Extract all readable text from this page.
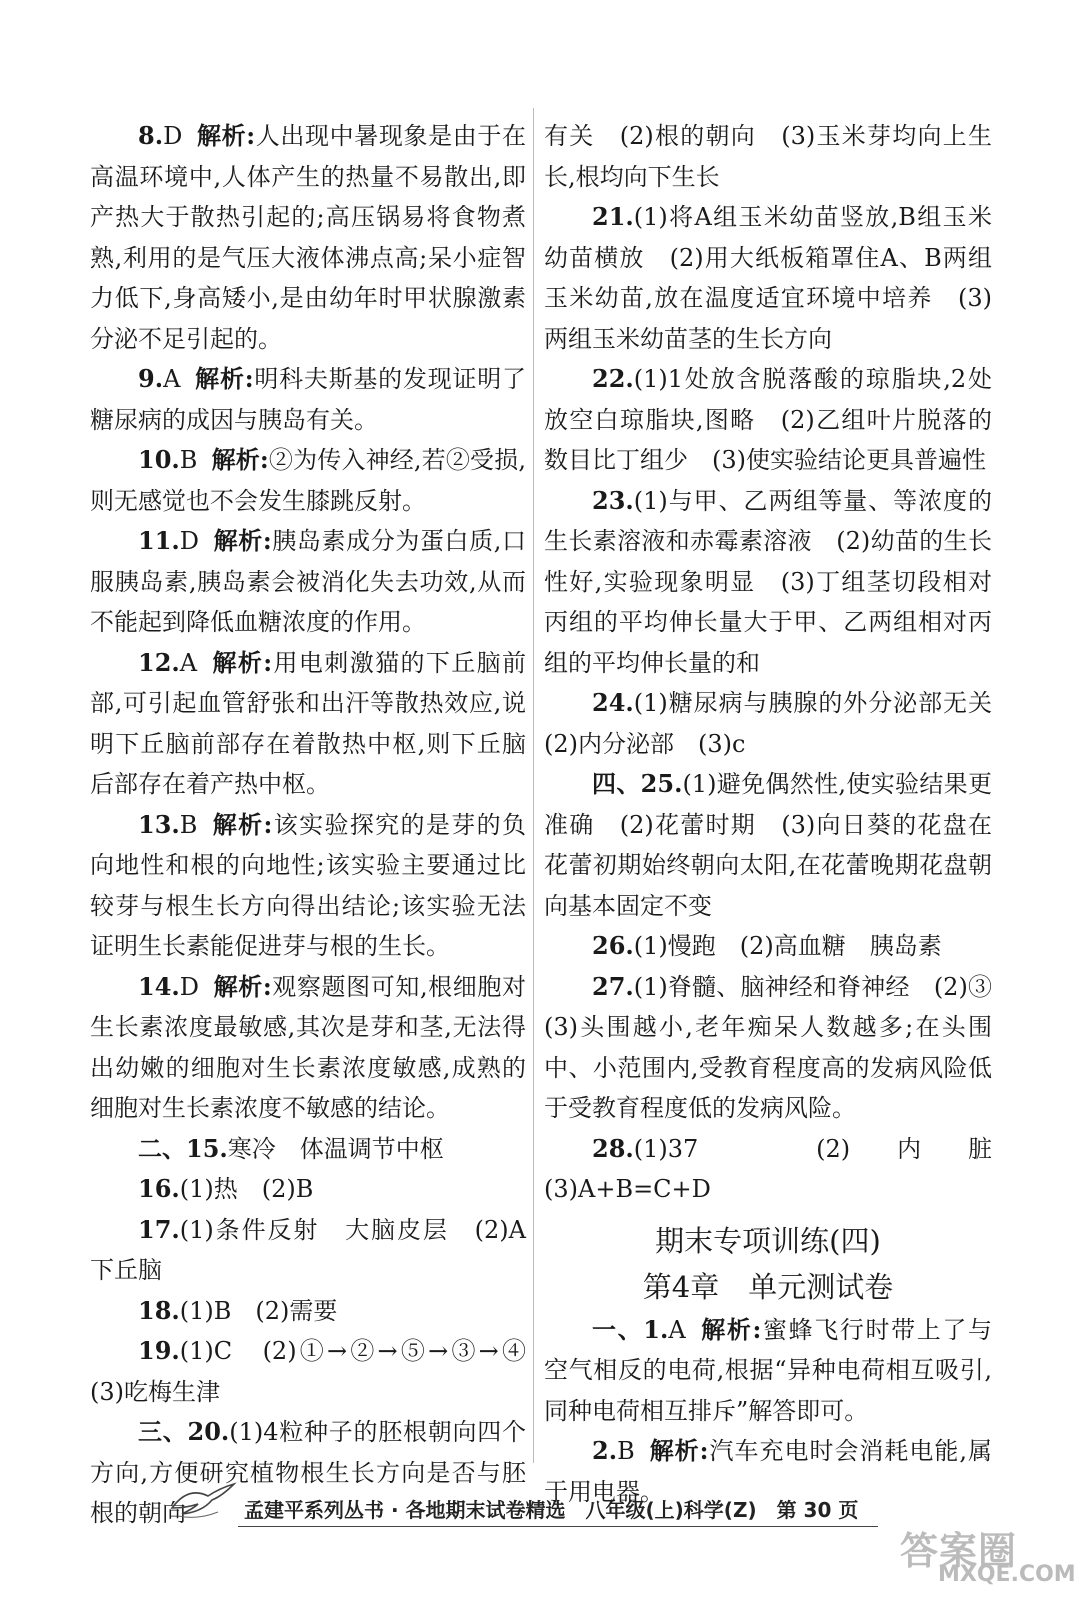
8.D 解析:人出现中暑现象是由于在高温环境中,人体产生的热量不易散出,即产热大于散热引起的;高压锅易将食物煮熟,利用的是气压大液体沸点高;呆小症智力低下,身高矮小,是由幼年时甲状腺激素分泌不足引起的。

9.A 解析:明科夫斯基的发现证明了糖尿病的成因与胰岛有关。

10.B 解析:②为传入神经,若②受损,则无感觉也不会发生膝跳反射。

11.D 解析:胰岛素成分为蛋白质,口服胰岛素,胰岛素会被消化失去功效,从而不能起到降低血糖浓度的作用。

12.A 解析:用电刺激猫的下丘脑前部,可引起血管舒张和出汗等散热效应,说明下丘脑前部存在着散热中枢,则下丘脑后部存在着产热中枢。

13.B 解析:该实验探究的是芽的负向地性和根的向地性;该实验主要通过比较芽与根生长方向得出结论;该实验无法证明生长素能促进芽与根的生长。

14.D 解析:观察题图可知,根细胞对生长素浓度最敏感,其次是芽和茎,无法得出幼嫩的细胞对生长素浓度敏感,成熟的细胞对生长素浓度不敏感的结论。

二、15.寒冷　体温调节中枢

16.(1)热　(2)B

17.(1)条件反射　大脑皮层　(2)A　下丘脑

18.(1)B　(2)需要

19.(1)C　(2)①→②→⑤→③→④　(3)吃梅生津

三、20.(1)4粒种子的胚根朝向四个方向,方便研究植物根生长方向是否与胚根的朝向

有关　(2)根的朝向　(3)玉米芽均向上生长,根均向下生长

21.(1)将A组玉米幼苗竖放,B组玉米幼苗横放　(2)用大纸板箱罩住A、B两组玉米幼苗,放在温度适宜环境中培养　(3)两组玉米幼苗茎的生长方向

22.(1)1处放含脱落酸的琼脂块,2处放空白琼脂块,图略　(2)乙组叶片脱落的数目比丁组少　(3)使实验结论更具普遍性

23.(1)与甲、乙两组等量、等浓度的生长素溶液和赤霉素溶液　(2)幼苗的生长性好,实验现象明显　(3)丁组茎切段相对丙组的平均伸长量大于甲、乙两组相对丙组的平均伸长量的和

24.(1)糖尿病与胰腺的外分泌部无关　(2)内分泌部　(3)c

四、25.(1)避免偶然性,使实验结果更准确　(2)花蕾时期　(3)向日葵的花盘在花蕾初期始终朝向太阳,在花蕾晚期花盘朝向基本固定不变

26.(1)慢跑　(2)高血糖　胰岛素

27.(1)脊髓、脑神经和脊神经　(2)③　(3)头围越小,老年痴呆人数越多;在头围中、小范围内,受教育程度高的发病风险低于受教育程度低的发病风险。

28.(1)37　(2)内脏　(3)A+B=C+D

期末专项训练(四)

第4章　单元测试卷

一、1.A 解析:蜜蜂飞行时带上了与空气相反的电荷,根据“异种电荷相互吸引,同种电荷相互排斥”解答即可。

2.B 解析:汽车充电时会消耗电能,属于用电器。

孟建平系列丛书 · 各地期末试卷精选　八年级(上)科学(Z)　第 30 页
答案圈
MXQE.COM
